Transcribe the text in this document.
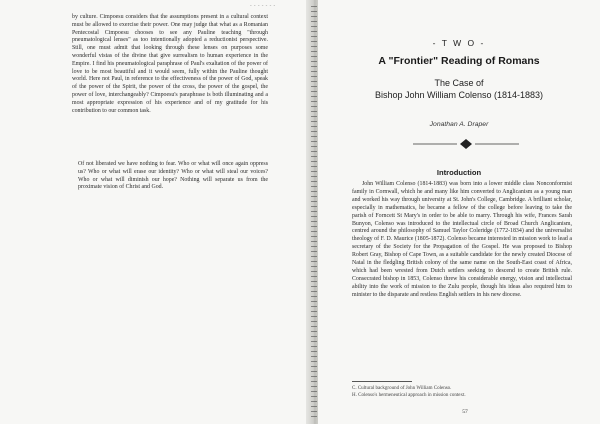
- - - - - - -

by culture. Cimpoesu considers that the assumptions present in a cultural context must be allowed to exercise their power. One may judge that what as a Romanian Pentecostal Cimpoesu chooses to see any Pauline teaching "through pneumatological lenses" as too intentionally adopted a reductionist perspective. Still, one must admit that looking through these lenses on purposes some wonderful vistas of the divine that give surrealism to human experience in the Empire. I find his pneumatological paraphrase of Paul's exaltation of the power of love to be most beautiful and it would seem, fully within the Pauline thought world. Here not Paul, in reference to the effectiveness of the power of God, speak of the power of the Spirit, the power of the cross, the power of the gospel, the power of love, interchangeably? Cimpoesu's paraphrase is both illuminating and a most appropriate expression of his experience and of my gratitude for his contribution to our common task.

Of not liberated we have nothing to fear. Who or what will once again oppress us? Who or what will erase our identity? Who or what will steal our voices? Who or what will diminish our hope? Nothing will separate us from the proximate vision of Christ and God.
- T W O -
A "Frontier" Reading of Romans
The Case of
Bishop John William Colenso (1814-1883)
Jonathan A. Draper
Introduction

John William Colenso (1814-1883) was born into a lower middle class Nonconformist family in Cornwall, which he and many like him converted to Anglicanism as a young man and worked his way through university at St. John's College, Cambridge. A brilliant scholar, especially in mathematics, he became a fellow of the college before leaving to take the parish of Forncett St Mary's in order to be able to marry. Through his wife, Frances Sarah Bunyon, Colenso was introduced to the intellectual circle of Broad Church Anglicanism, centred around the philosophy of Samuel Taylor Coleridge (1772-1834) and the universalist theology of F. D. Maurice (1805-1872). Colenso became interested in mission work to lead a secretary of the Society for the Propagation of the Gospel. He was proposed to Bishop Robert Gray, Bishop of Cape Town, as a suitable candidate for the newly created Diocese of Natal in the fledgling British colony of the same name on the South-East coast of Africa, which had been wrested from Dutch settlers seeking to descend to create British rule. Consecrated bishop in 1853, Colenso threw his considerable energy, vision and intellectual ability into the work of mission to the Zulu people, though his ideas also required him to minister to the disparate and restless English settlers in his new diocese.

C. Cultural background of John William Colenso.
H. Colenso's hermeneutical approach in mission context.
57
